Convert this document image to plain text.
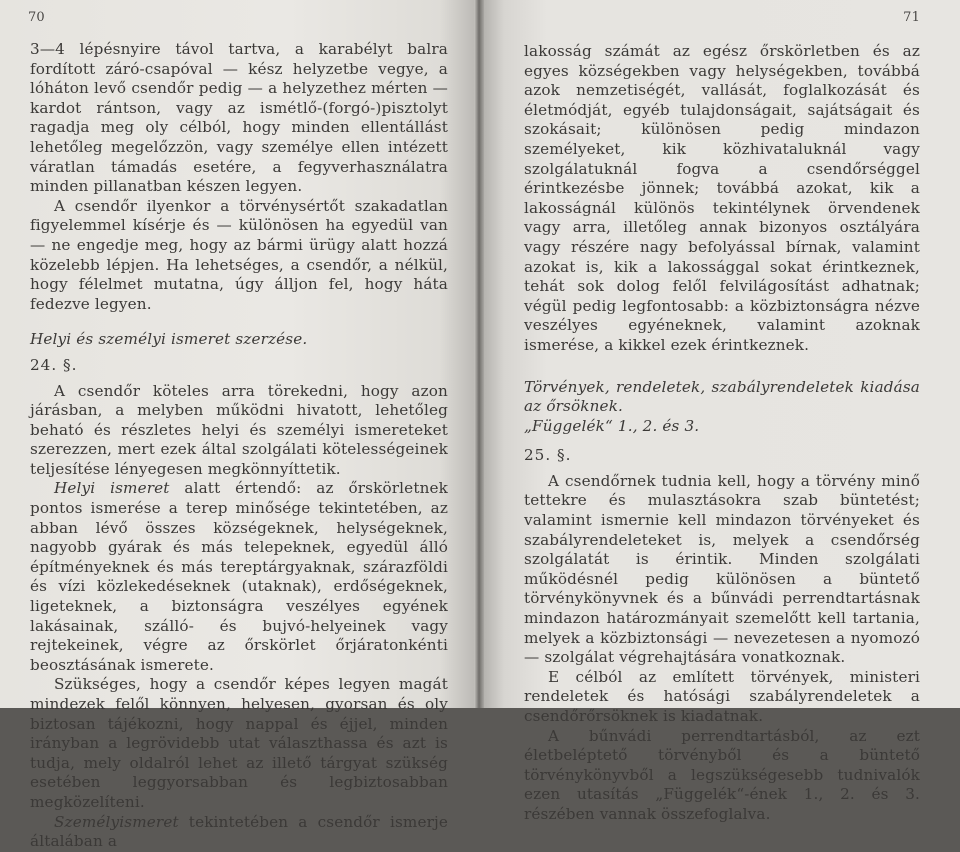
70

3—4 lépésnyire távol tartva, a karabélyt balra fordított záró-csapóval — kész helyzetbe vegye, a lóháton levő csendőr pedig — a helyzethez mérten — kardot rántson, vagy az ismétlő-(forgó-)pisztolyt ragadja meg oly célból, hogy minden ellentállást lehetőleg megelőzzön, vagy személye ellen intézett váratlan támadás esetére, a fegyverhasználatra minden pillanatban készen legyen.

A csendőr ilyenkor a törvénysértőt szakadatlan figyelemmel kísérje és — különösen ha egyedül van — ne engedje meg, hogy az bármi ürügy alatt hozzá közelebb lépjen. Ha lehetséges, a csendőr, a nélkül, hogy félelmet mutatna, úgy álljon fel, hogy háta fedezve legyen.

Helyi és személyi ismeret szerzése.

24. §.

A csendőr köteles arra törekedni, hogy azon járásban, a melyben működni hivatott, lehetőleg beható és részletes helyi és személyi ismereteket szerezzen, mert ezek által szolgálati kötelességeinek teljesítése lényegesen megkönnyíttetik.

Helyi ismeret alatt értendő: az őrskörletnek pontos ismerése a terep minősége tekintetében, az abban lévő összes községeknek, helységeknek, nagyobb gyárak és más telepeknek, egyedül álló építményeknek és más tereptárgyaknak, szárazföldi és vízi közlekedéseknek (utaknak), erdőségeknek, ligeteknek, a biztonságra veszélyes egyének lakásainak, szálló- és bujvó-helyeinek vagy rejtekeinek, végre az őrskörlet őrjáratonkénti beosztásának ismerete.

Szükséges, hogy a csendőr képes legyen magát mindezek felől könnyen, helyesen, gyorsan és oly biztosan tájékozni, hogy nappal és éjjel, minden irányban a legrövidebb utat választhassa és azt is tudja, mely oldalról lehet az illető tárgyat szükség esetében leggyorsabban és legbiztosabban megközelíteni.

Személyismeret tekintetében a csendőr ismerje általában a

71

lakosság számát az egész őrskörletben és az egyes községekben vagy helységekben, továbbá azok nemzetiségét, vallását, foglalkozását és életmódját, egyéb tulajdonságait, sajátságait és szokásait; különösen pedig mindazon személyeket, kik közhivataluknál vagy szolgálatuknál fogva a csendőrséggel érintkezésbe jönnek; továbbá azokat, kik a lakosságnál különös tekintélynek örvendenek vagy arra, illetőleg annak bizonyos osztályára vagy részére nagy befolyással bírnak, valamint azokat is, kik a lakossággal sokat érintkeznek, tehát sok dolog felől felvilágosítást adhatnak; végül pedig legfontosabb: a közbiztonságra nézve veszélyes egyéneknek, valamint azoknak ismerése, a kikkel ezek érintkeznek.

Törvények, rendeletek, szabályrendeletek kiadása az őrsöknek.

„Függelék“ 1., 2. és 3.

25. §.

A csendőrnek tudnia kell, hogy a törvény minő tettekre és mulasztásokra szab büntetést; valamint ismernie kell mindazon törvényeket és szabályrendeleteket is, melyek a csendőrség szolgálatát is érintik. Minden szolgálati működésnél pedig különösen a büntető törvénykönyvnek és a bűnvádi perrendtartásnak mindazon határozmányait szemelőtt kell tartania, melyek a közbiztonsági — nevezetesen a nyomozó — szolgálat végrehajtására vonatkoznak.

E célból az említett törvények, ministeri rendeletek és hatósági szabályrendeletek a csendőrőrsöknek is kiadatnak.

A bűnvádi perrendtartásból, az ezt életbeléptető törvényből és a büntető törvénykönyvből a legszükségesebb tudnivalók ezen utasítás „Függelék“-ének 1., 2. és 3. részében vannak összefoglalva.
